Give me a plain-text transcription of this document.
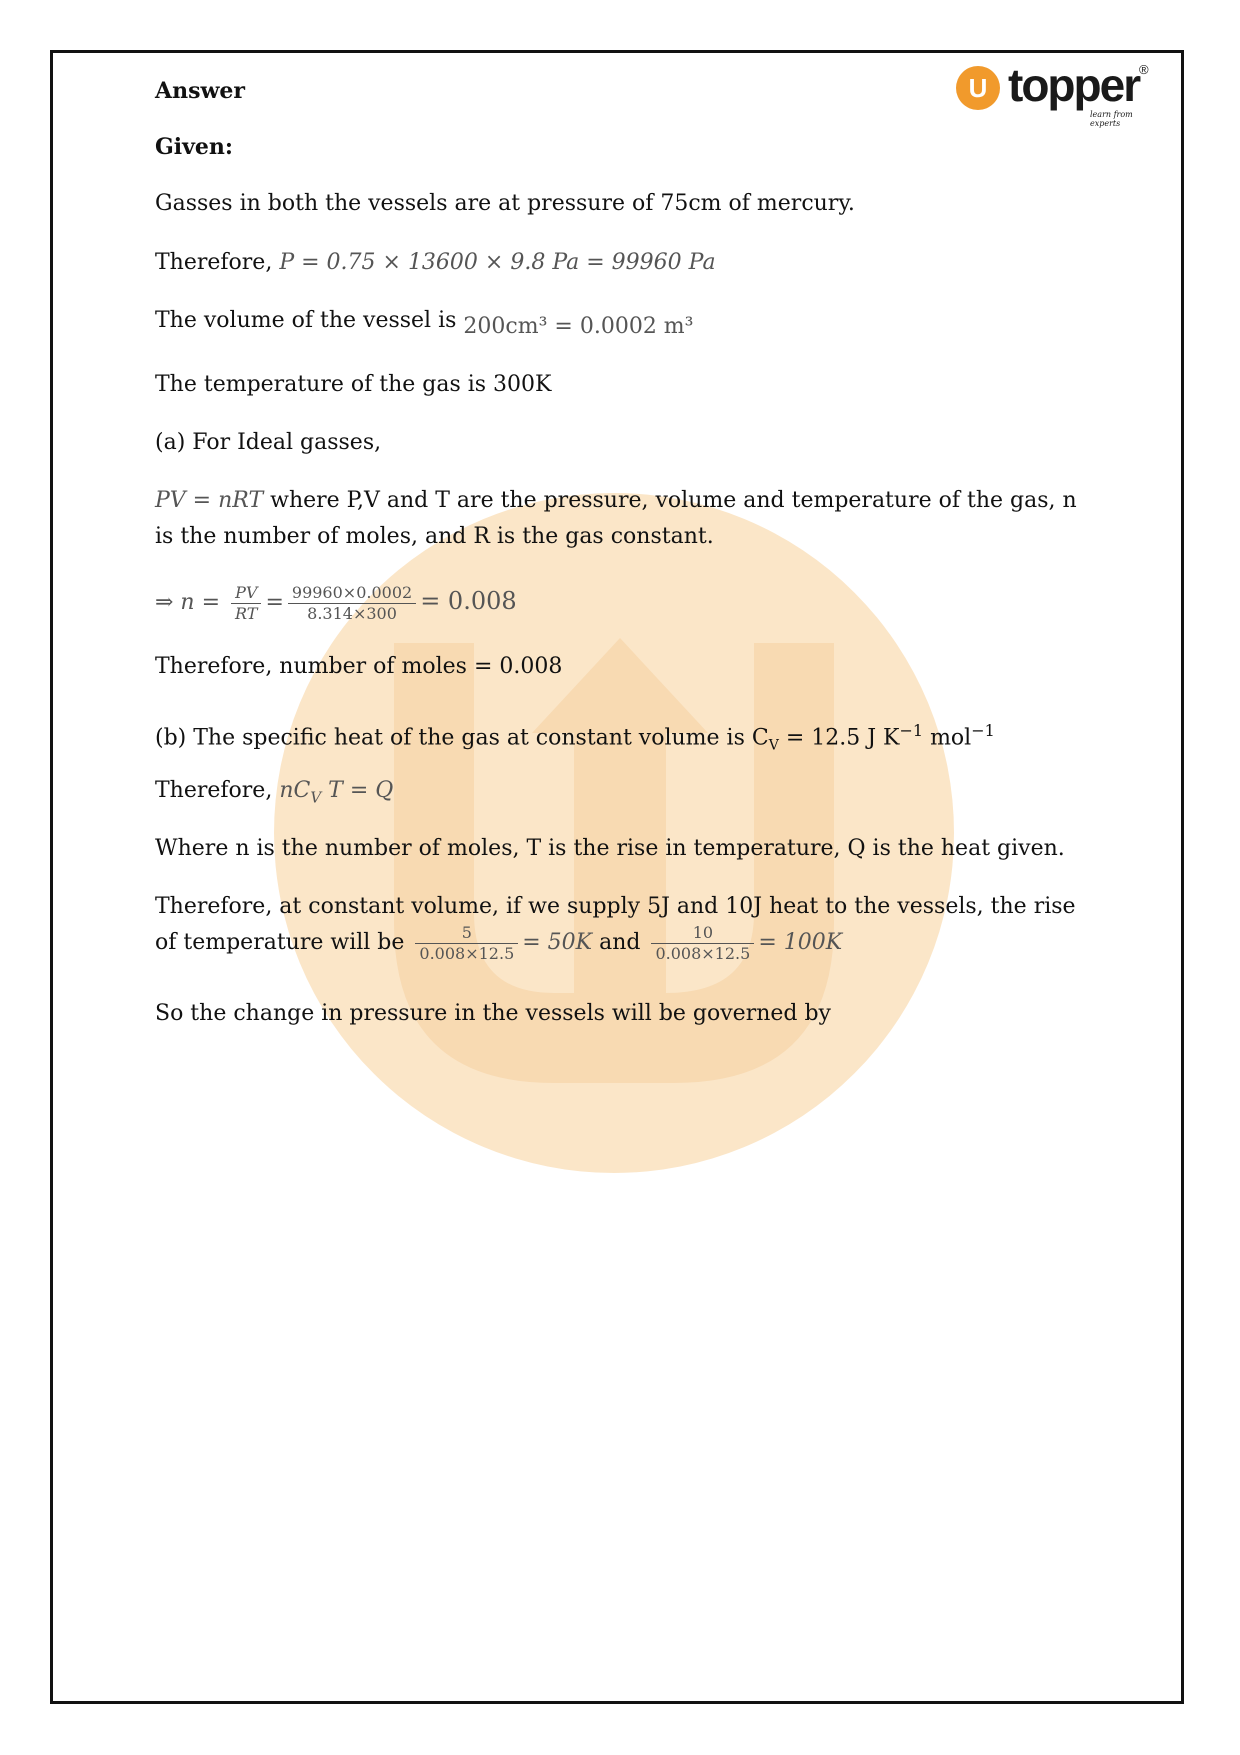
U topper ®
learn from experts
Answer
Given:
Gasses in both the vessels are at pressure of 75cm of mercury.
Therefore, P = 0.75 × 13600 × 9.8 Pa = 99960 Pa
The volume of the vessel is 200cm³ = 0.0002 m³
The temperature of the gas is 300K
(a) For Ideal gasses,
PV = nRT where P,V and T are the pressure, volume and temperature of the gas, n
is the number of moles, and R is the gas constant.
⇒ $n = \frac{PV}{RT} = \frac{99960\times 0.0002}{8.314\times 300} = 0.008$
Therefore, number of moles = 0.008
(b) The specific heat of the gas at constant volume is $C_V = 12.5$ J $K^{-1}$ mol$^{-1}$
Therefore, $nC_V$ T = Q
Where n is the number of moles, T is the rise in temperature, Q is the heat given.
Therefore, at constant volume, if we supply 5J and 10J heat to the vessels, the rise
of temperature will be $\frac{5}{0.008\times 12.5} = 50K$ and $\frac{10}{0.008\times 12.5} = 100K$
So the change in pressure in the vessels will be governed by
